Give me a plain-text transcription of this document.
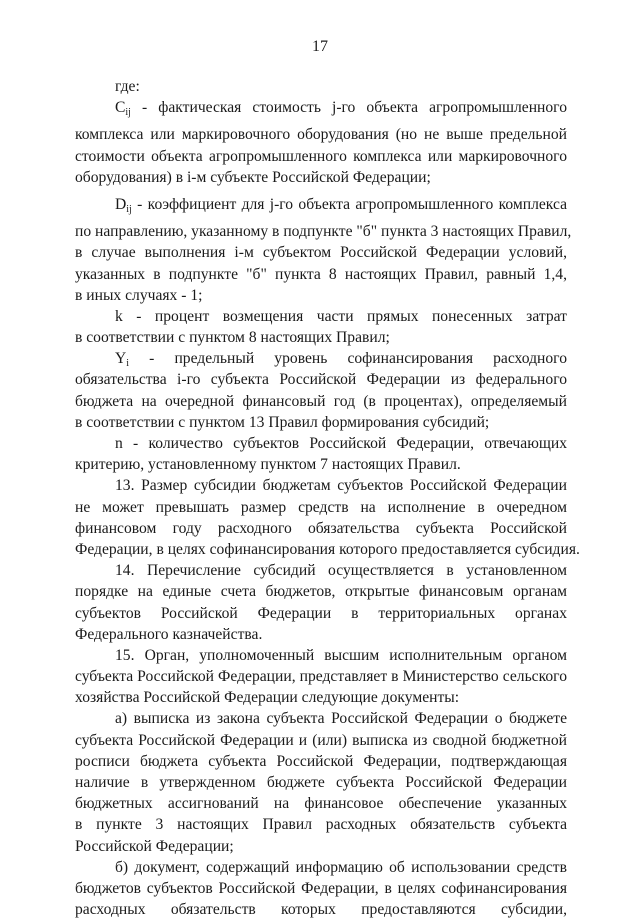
17
где:
$C_{ij}$ - фактическая стоимость j-го объекта агропромышленного
комплекса или маркировочного оборудования (но не выше предельной
стоимости объекта агропромышленного комплекса или маркировочного
оборудования) в i-м субъекте Российской Федерации;
$D_{ij}$ - коэффициент для j-го объекта агропромышленного комплекса
по направлению, указанному в подпункте "б" пункта 3 настоящих Правил,
в случае выполнения i-м субъектом Российской Федерации условий,
указанных в подпункте "б" пункта 8 настоящих Правил, равный 1,4,
в иных случаях - 1;
k - процент возмещения части прямых понесенных затрат
в соответствии с пунктом 8 настоящих Правил;
$Y_i$ - предельный уровень софинансирования расходного
обязательства i-го субъекта Российской Федерации из федерального
бюджета на очередной финансовый год (в процентах), определяемый
в соответствии с пунктом 13 Правил формирования субсидий;
n - количество субъектов Российской Федерации, отвечающих
критерию, установленному пунктом 7 настоящих Правил.
13. Размер субсидии бюджетам субъектов Российской Федерации
не может превышать размер средств на исполнение в очередном
финансовом году расходного обязательства субъекта Российской
Федерации, в целях софинансирования которого предоставляется субсидия.
14. Перечисление субсидий осуществляется в установленном
порядке на единые счета бюджетов, открытые финансовым органам
субъектов Российской Федерации в территориальных органах
Федерального казначейства.
15. Орган, уполномоченный высшим исполнительным органом
субъекта Российской Федерации, представляет в Министерство сельского
хозяйства Российской Федерации следующие документы:
а) выписка из закона субъекта Российской Федерации о бюджете
субъекта Российской Федерации и (или) выписка из сводной бюджетной
росписи бюджета субъекта Российской Федерации, подтверждающая
наличие в утвержденном бюджете субъекта Российской Федерации
бюджетных ассигнований на финансовое обеспечение указанных
в пункте 3 настоящих Правил расходных обязательств субъекта
Российской Федерации;
б) документ, содержащий информацию об использовании средств
бюджетов субъектов Российской Федерации, в целях софинансирования
расходных обязательств которых предоставляются субсидии,
